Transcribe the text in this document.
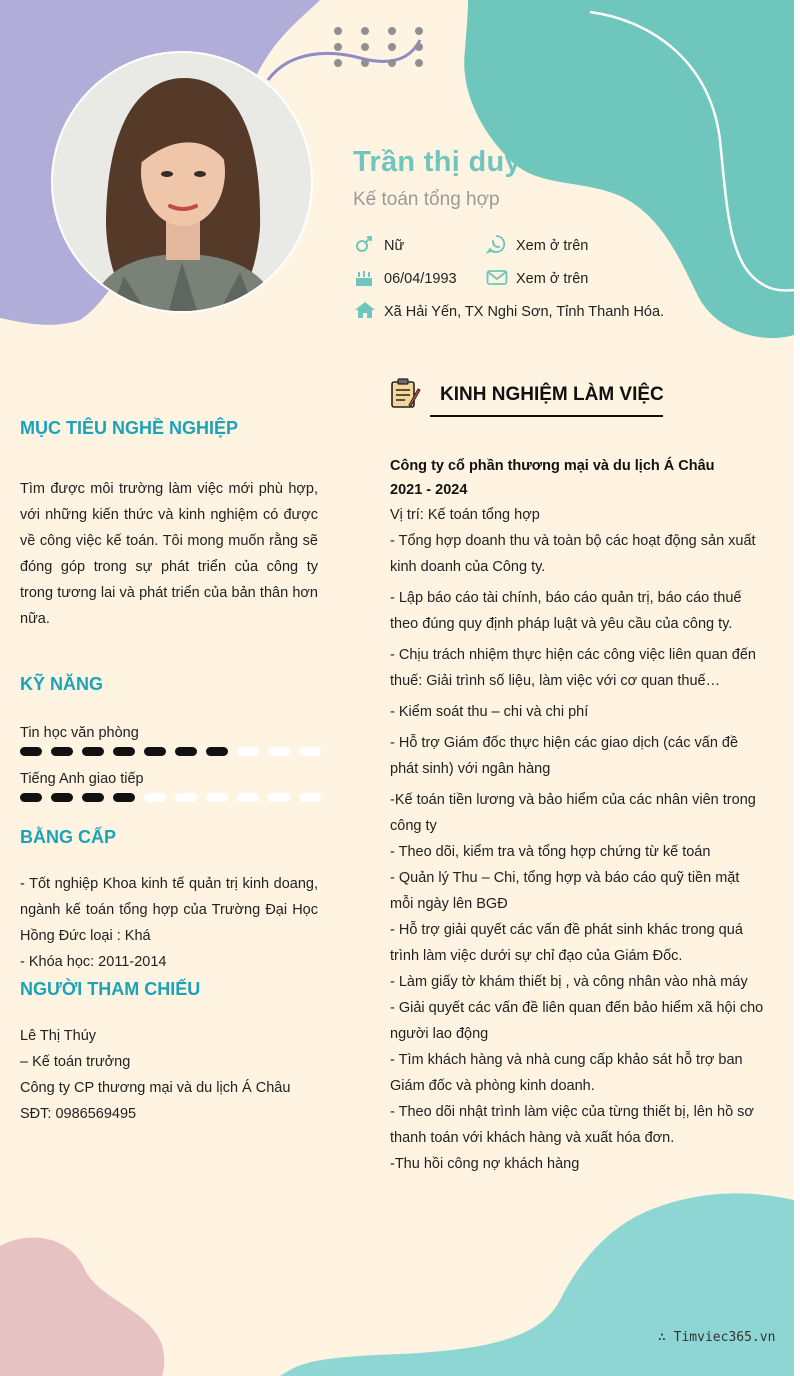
Trần thị duyên
Kế toán tổng hợp
Nữ	Xem ở trên
06/04/1993	Xem ở trên
Xã Hải Yến, TX Nghi Sơn, Tỉnh Thanh Hóa.
MỤC TIÊU NGHỀ NGHIỆP
Tìm được môi trường làm việc mới phù hợp, với những kiến thức và kinh nghiệm có được về công việc kế toán. Tôi mong muốn rằng sẽ đóng góp trong sự phát triển của công ty trong tương lai và phát triển của bản thân hơn nữa.
KỸ NĂNG
Tin học văn phòng
Tiếng Anh giao tiếp
BẰNG CẤP
- Tốt nghiệp Khoa kinh tế quản trị kinh doang, ngành kế toán tổng hợp của Trường Đại Học Hồng Đức loại : Khá
- Khóa học: 2011-2014
NGƯỜI THAM CHIẾU
Lê Thị Thúy
– Kế toán trưởng
Công ty CP thương mại và du lịch Á Châu
SĐT: 0986569495
KINH NGHIỆM LÀM VIỆC
Công ty cổ phần thương mại và du lịch Á Châu
2021 - 2024
Vị trí: Kế toán tổng hợp
- Tổng hợp doanh thu và toàn bộ các hoạt động sản xuất kinh doanh của Công ty.
- Lập báo cáo tài chính, báo cáo quản trị, báo cáo thuế theo đúng quy định pháp luật và yêu cầu của công ty.
- Chịu trách nhiệm thực hiện các công việc liên quan đến thuế: Giải trình số liệu, làm việc với cơ quan thuế…
- Kiểm soát thu – chi và chi phí
- Hỗ trợ Giám đốc thực hiện các giao dịch (các vấn đề phát sinh) với ngân hàng
-Kế toán tiền lương và bảo hiểm của các nhân viên trong công ty
- Theo dõi, kiểm tra và tổng hợp chứng từ kế toán
- Quản lý Thu – Chi, tổng hợp và báo cáo quỹ tiền mặt mỗi ngày lên BGĐ
- Hỗ trợ giải quyết các vấn đề phát sinh khác trong quá trình làm việc dưới sự chỉ đạo của Giám Đốc.
- Làm giấy tờ khám thiết bị , và công nhân vào nhà máy
- Giải quyết các vấn đề liên quan đến bảo hiểm xã hội cho người lao động
- Tìm khách hàng và nhà cung cấp khảo sát hỗ trợ ban Giám đốc và phòng kinh doanh.
- Theo dõi nhật trình làm việc của từng thiết bị, lên hồ sơ thanh toán với khách hàng và xuất hóa đơn.
-Thu hồi công nợ khách hàng
∴ Timviec365.vn
